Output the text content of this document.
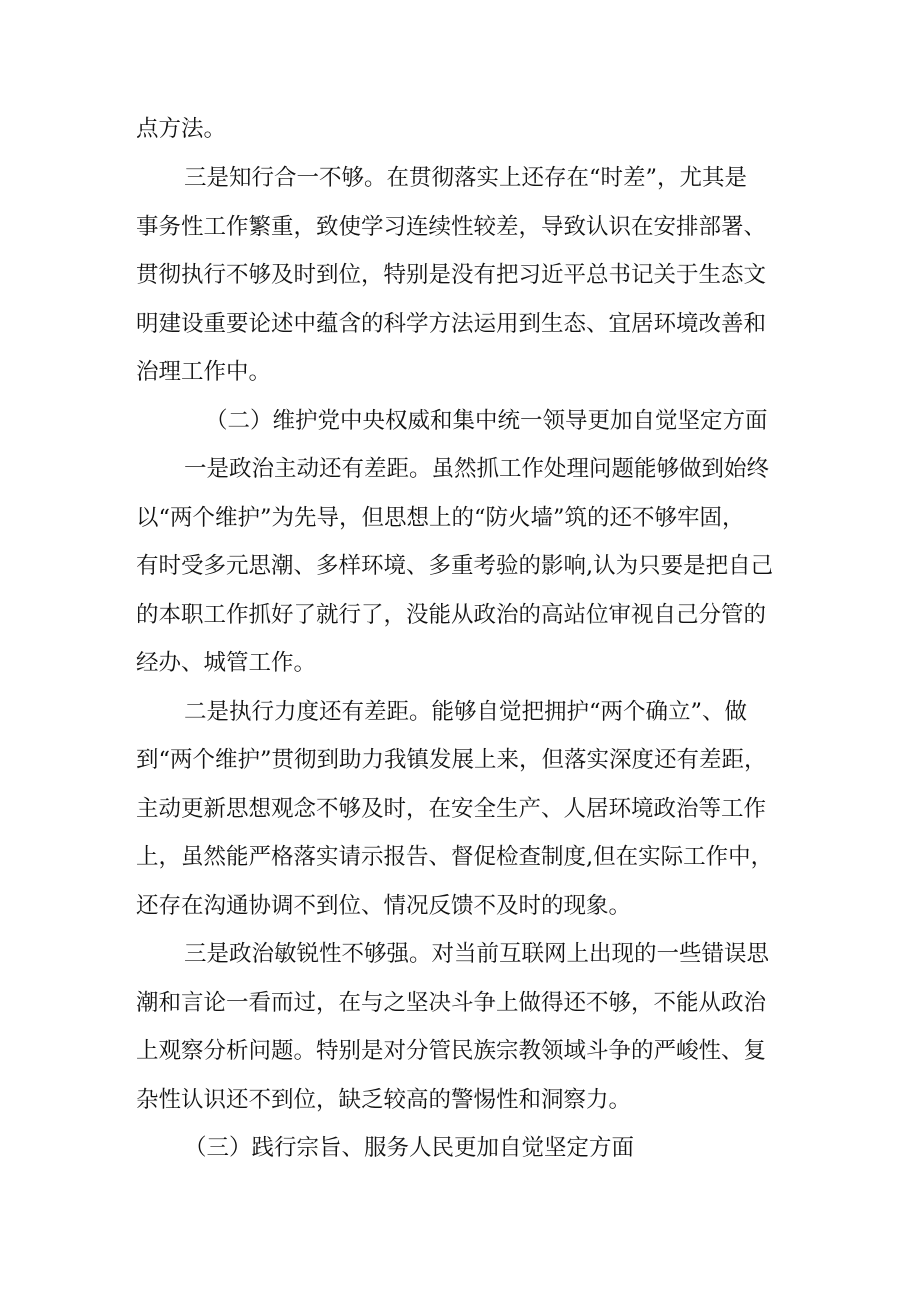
点方法。

三是知行合一不够。在贯彻落实上还存在“时差”，尤其是

事务性工作繁重，致使学习连续性较差，导致认识在安排部署、

贯彻执行不够及时到位，特别是没有把习近平总书记关于生态文

明建设重要论述中蕴含的科学方法运用到生态、宜居环境改善和

治理工作中。

（二）维护党中央权威和集中统一领导更加自觉坚定方面

一是政治主动还有差距。虽然抓工作处理问题能够做到始终

以“两个维护”为先导，但思想上的“防火墙”筑的还不够牢固，

有时受多元思潮、多样环境、多重考验的影响,认为只要是把自己

的本职工作抓好了就行了，没能从政治的高站位审视自己分管的

经办、城管工作。

二是执行力度还有差距。能够自觉把拥护“两个确立”、做

到“两个维护”贯彻到助力我镇发展上来，但落实深度还有差距，

主动更新思想观念不够及时，在安全生产、人居环境政治等工作

上，虽然能严格落实请示报告、督促检查制度,但在实际工作中，

还存在沟通协调不到位、情况反馈不及时的现象。

三是政治敏锐性不够强。对当前互联网上出现的一些错误思

潮和言论一看而过，在与之坚决斗争上做得还不够，不能从政治

上观察分析问题。特别是对分管民族宗教领域斗争的严峻性、复

杂性认识还不到位，缺乏较高的警惕性和洞察力。

（三）践行宗旨、服务人民更加自觉坚定方面
